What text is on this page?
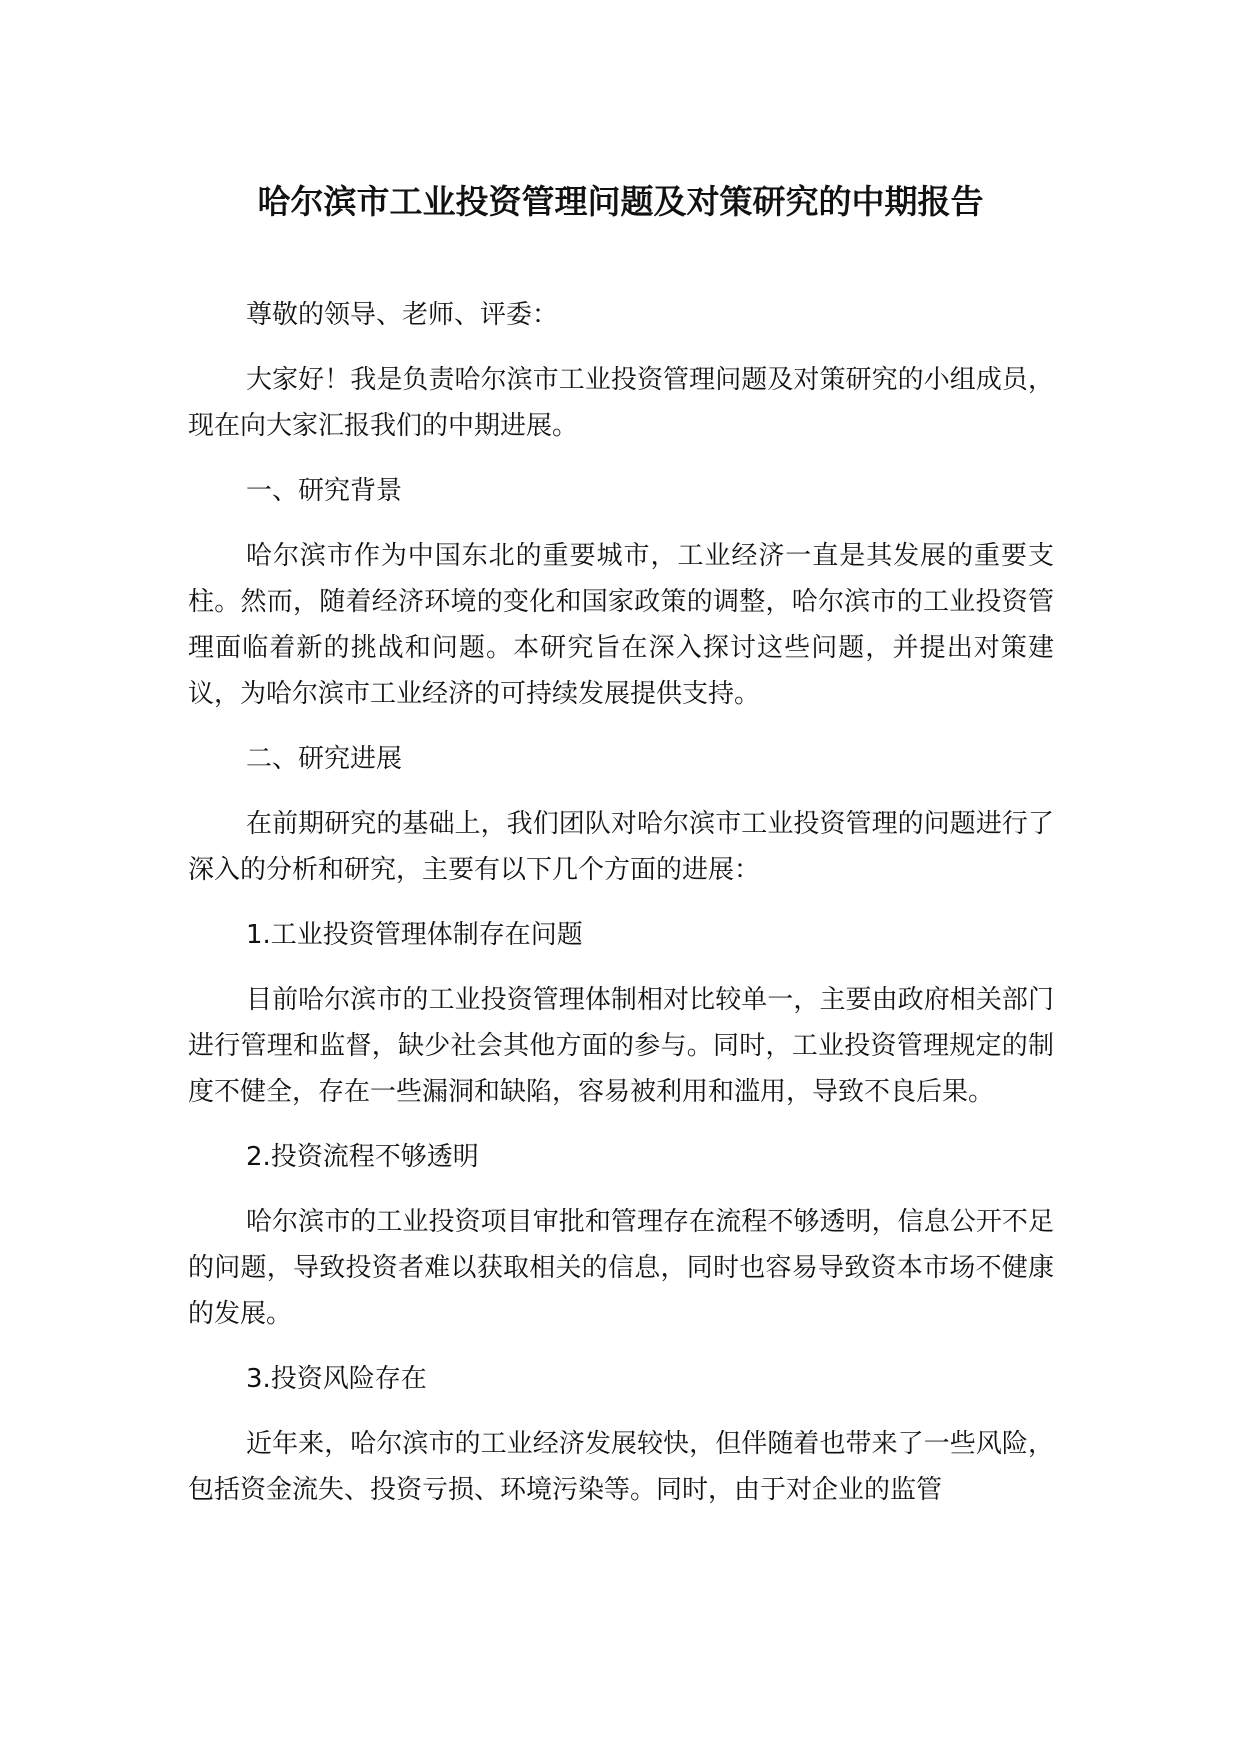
哈尔滨市工业投资管理问题及对策研究的中期报告

尊敬的领导、老师、评委：

大家好！我是负责哈尔滨市工业投资管理问题及对策研究的小组成员，现在向大家汇报我们的中期进展。

一、研究背景

哈尔滨市作为中国东北的重要城市，工业经济一直是其发展的重要支柱。然而，随着经济环境的变化和国家政策的调整，哈尔滨市的工业投资管理面临着新的挑战和问题。本研究旨在深入探讨这些问题，并提出对策建议，为哈尔滨市工业经济的可持续发展提供支持。

二、研究进展

在前期研究的基础上，我们团队对哈尔滨市工业投资管理的问题进行了深入的分析和研究，主要有以下几个方面的进展：

1.工业投资管理体制存在问题

目前哈尔滨市的工业投资管理体制相对比较单一，主要由政府相关部门进行管理和监督，缺少社会其他方面的参与。同时，工业投资管理规定的制度不健全，存在一些漏洞和缺陷，容易被利用和滥用，导致不良后果。

2.投资流程不够透明

哈尔滨市的工业投资项目审批和管理存在流程不够透明，信息公开不足的问题，导致投资者难以获取相关的信息，同时也容易导致资本市场不健康的发展。

3.投资风险存在

近年来，哈尔滨市的工业经济发展较快，但伴随着也带来了一些风险，包括资金流失、投资亏损、环境污染等。同时，由于对企业的监管
